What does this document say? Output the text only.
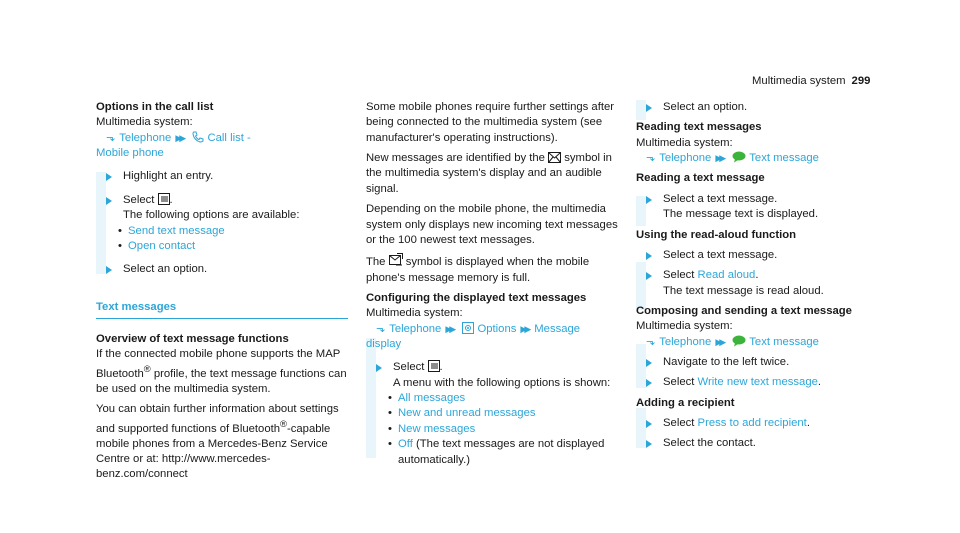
Multimedia system 299

Options in the call list

Multimedia system:

⬎ Telephone ▶▶ Call list -

Mobile phone

Highlight an entry.
Select .
The following options are available:
• Send text message
• Open contact
Select an option.
Text messages

Overview of text message functions

If the connected mobile phone supports the MAP Bluetooth® profile, the text message functions can be used on the multimedia system.

You can obtain further information about settings and supported functions of Bluetooth®-capable mobile phones from a Mercedes-Benz Service Centre or at: http://www.mercedes-benz.com/connect

Some mobile phones require further settings after being connected to the multimedia system (see manufacturer's operating instructions).

New messages are identified by the symbol in the multimedia system's display and an audible signal.

Depending on the mobile phone, the multimedia system only displays new incoming text messages or the 100 newest text messages.

The symbol is displayed when the mobile phone's message memory is full.

Configuring the displayed text messages

Multimedia system:

⬎ Telephone ▶▶ Options ▶▶ Message

display

Select .
A menu with the following options is shown:
• All messages
• New and unread messages
• New messages
• Off (The text messages are not displayed automatically.)
Select an option.

Reading text messages

Multimedia system:

⬎ Telephone ▶▶ Text message

Reading a text message

Select a text message.
The message text is displayed.

Using the read-aloud function

Select a text message.
Select Read aloud.
The text message is read aloud.

Composing and sending a text message

Multimedia system:

⬎ Telephone ▶▶ Text message

Navigate to the left twice.
Select Write new text message.

Adding a recipient

Select Press to add recipient.
Select the contact.
